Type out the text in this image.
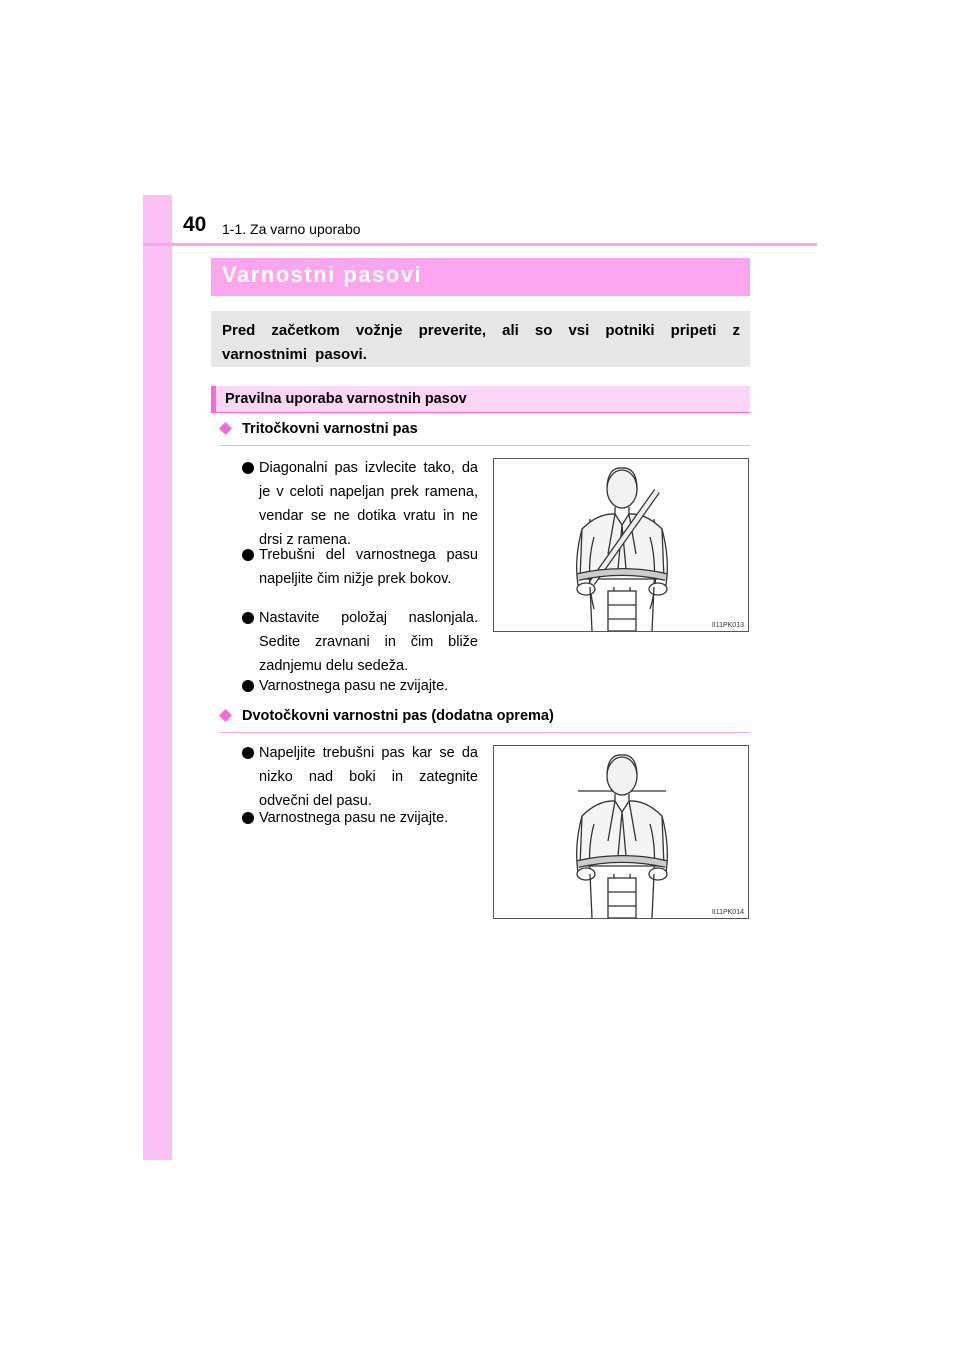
40 1-1. Za varno uporabo
Varnostni pasovi

Pred začetkom vožnje preverite, ali so vsi potniki pripeti z varnostnimi pasovi.

Pravilna uporaba varnostnih pasov
Tritočkovni varnostni pas
Diagonalni pas izvlecite tako, da je v celoti napeljan prek ramena, vendar se ne dotika vratu in ne drsi z ramena.
Trebušni del varnostnega pasu napeljite čim nižje prek bokov.
Nastavite položaj naslonjala. Sedite zravnani in čim bliže zadnjemu delu sedeža.
Varnostnega pasu ne zvijajte.
II11PK013
Dvotočkovni varnostni pas (dodatna oprema)
Napeljite trebušni pas kar se da nizko nad boki in zategnite odvečni del pasu.
Varnostnega pasu ne zvijajte.
II11PK014
